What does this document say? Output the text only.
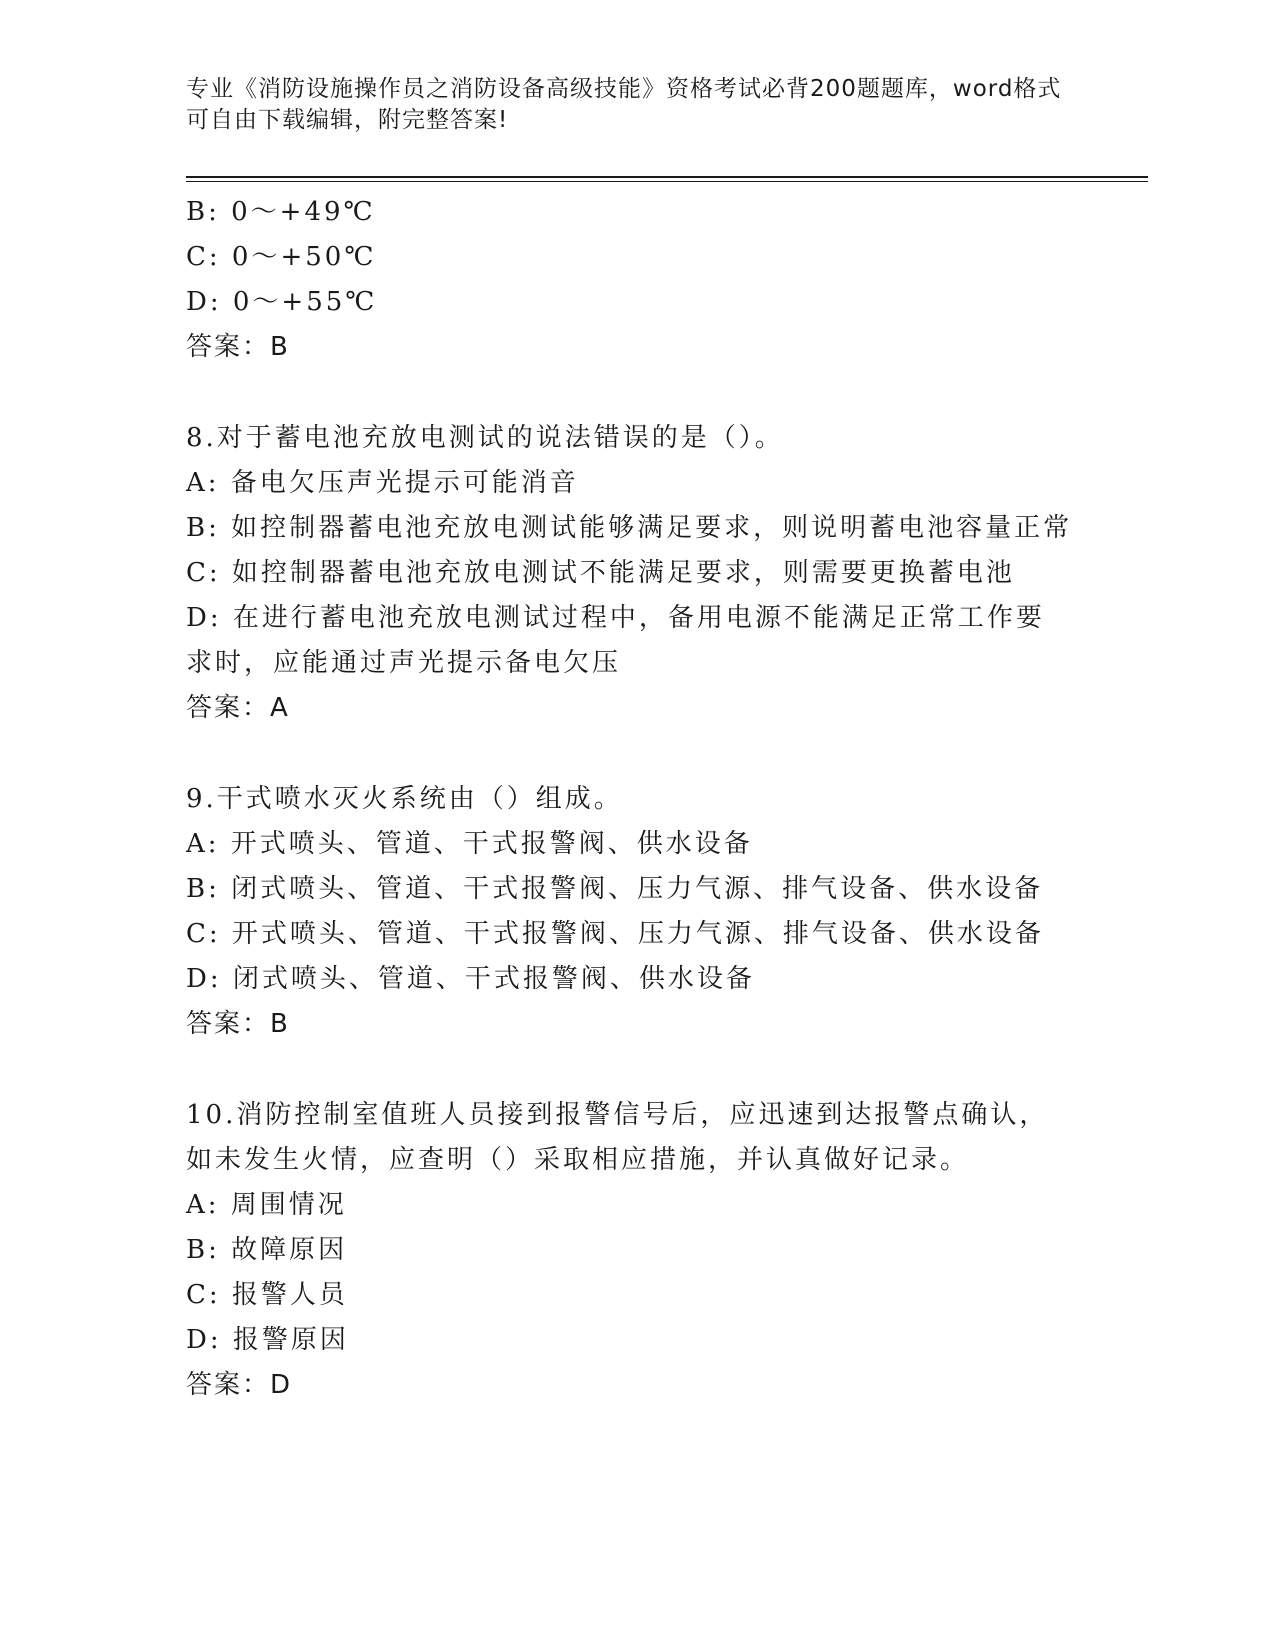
专业《消防设施操作员之消防设备高级技能》资格考试必背200题题库，word格式可自由下载编辑，附完整答案!
B: 0～+49℃
C: 0～+50℃
D: 0～+55℃
答案：B
8.对于蓄电池充放电测试的说法错误的是（）。
A: 备电欠压声光提示可能消音
B: 如控制器蓄电池充放电测试能够满足要求，则说明蓄电池容量正常
C: 如控制器蓄电池充放电测试不能满足要求，则需要更换蓄电池
D: 在进行蓄电池充放电测试过程中，备用电源不能满足正常工作要求时，应能通过声光提示备电欠压
答案：A
9.干式喷水灭火系统由（）组成。
A: 开式喷头、管道、干式报警阀、供水设备
B: 闭式喷头、管道、干式报警阀、压力气源、排气设备、供水设备
C: 开式喷头、管道、干式报警阀、压力气源、排气设备、供水设备
D: 闭式喷头、管道、干式报警阀、供水设备
答案：B
10.消防控制室值班人员接到报警信号后，应迅速到达报警点确认，如未发生火情，应查明（）采取相应措施，并认真做好记录。
A: 周围情况
B: 故障原因
C: 报警人员
D: 报警原因
答案：D
